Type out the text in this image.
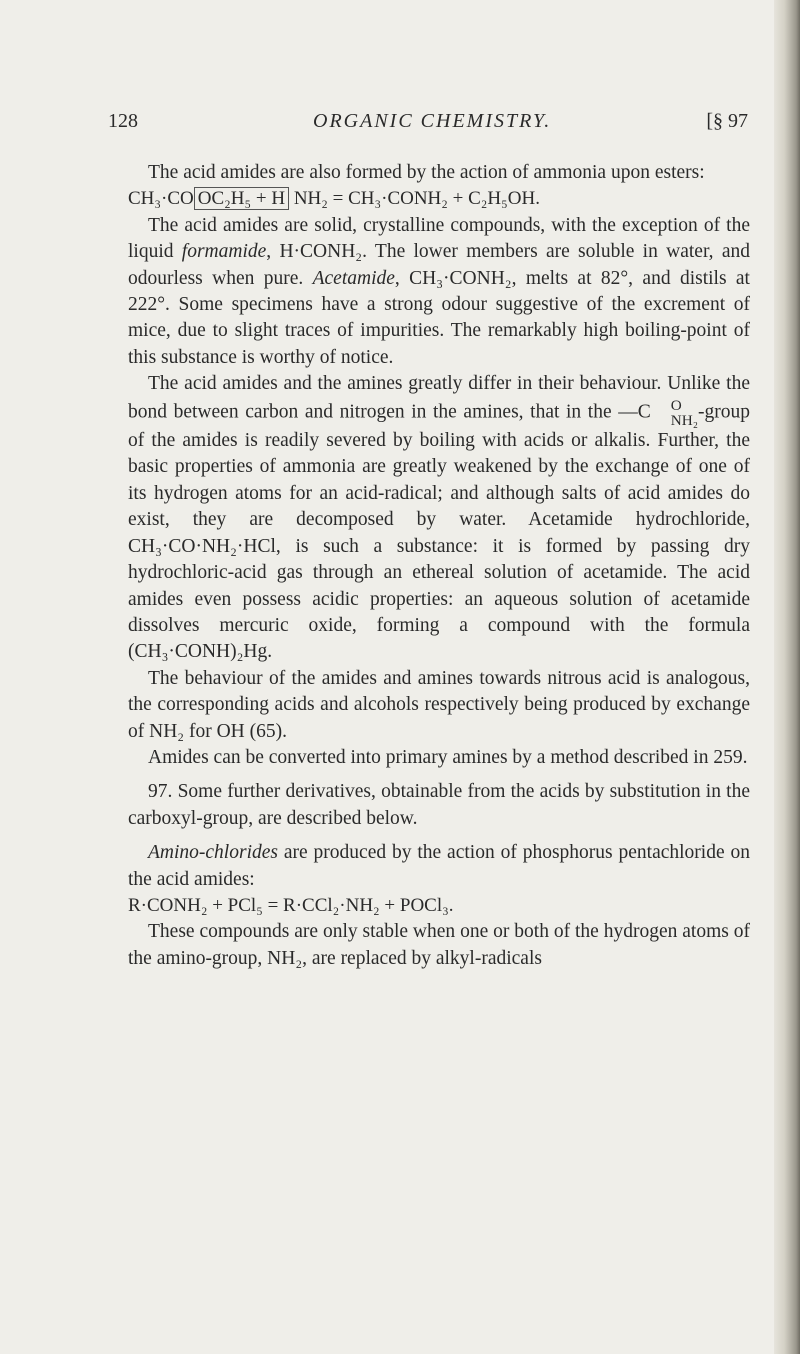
128	ORGANIC CHEMISTRY.	[§ 97

The acid amides are also formed by the action of ammonia upon esters:

CH₃·CO OC₂H₅ + H NH₂ = CH₃·CONH₂ + C₂H₅OH.

The acid amides are solid, crystalline compounds, with the exception of the liquid formamide, H·CONH₂. The lower members are soluble in water, and odourless when pure. Acetamide, CH₃·CONH₂, melts at 82°, and distils at 222°. Some specimens have a strong odour suggestive of the excrement of mice, due to slight traces of impurities. The remarkably high boiling-point of this substance is worthy of notice.

The acid amides and the amines greatly differ in their behaviour. Unlike the bond between carbon and nitrogen in the amines, that in the —C	O
NH₂ -group of the amides is readily severed by boiling with acids or alkalis. Further, the basic properties of ammonia are greatly weakened by the exchange of one of its hydrogen atoms for an acid-radical; and although salts of acid amides do exist, they are decomposed by water. Acetamide hydrochloride, CH₃·CO·NH₂·HCl, is such a substance: it is formed by passing dry hydrochloric-acid gas through an ethereal solution of acetamide. The acid amides even possess acidic properties: an aqueous solution of acetamide dissolves mercuric oxide, forming a compound with the formula (CH₃·CONH)₂Hg.

The behaviour of the amides and amines towards nitrous acid is analogous, the corresponding acids and alcohols respectively being produced by exchange of NH₂ for OH (65).

Amides can be converted into primary amines by a method described in 259.

97. Some further derivatives, obtainable from the acids by substitution in the carboxyl-group, are described below.

Amino-chlorides are produced by the action of phosphorus pentachloride on the acid amides:

R·CONH₂ + PCl₅ = R·CCl₂·NH₂ + POCl₃.

These compounds are only stable when one or both of the hydrogen atoms of the amino-group, NH₂, are replaced by alkyl-radicals
